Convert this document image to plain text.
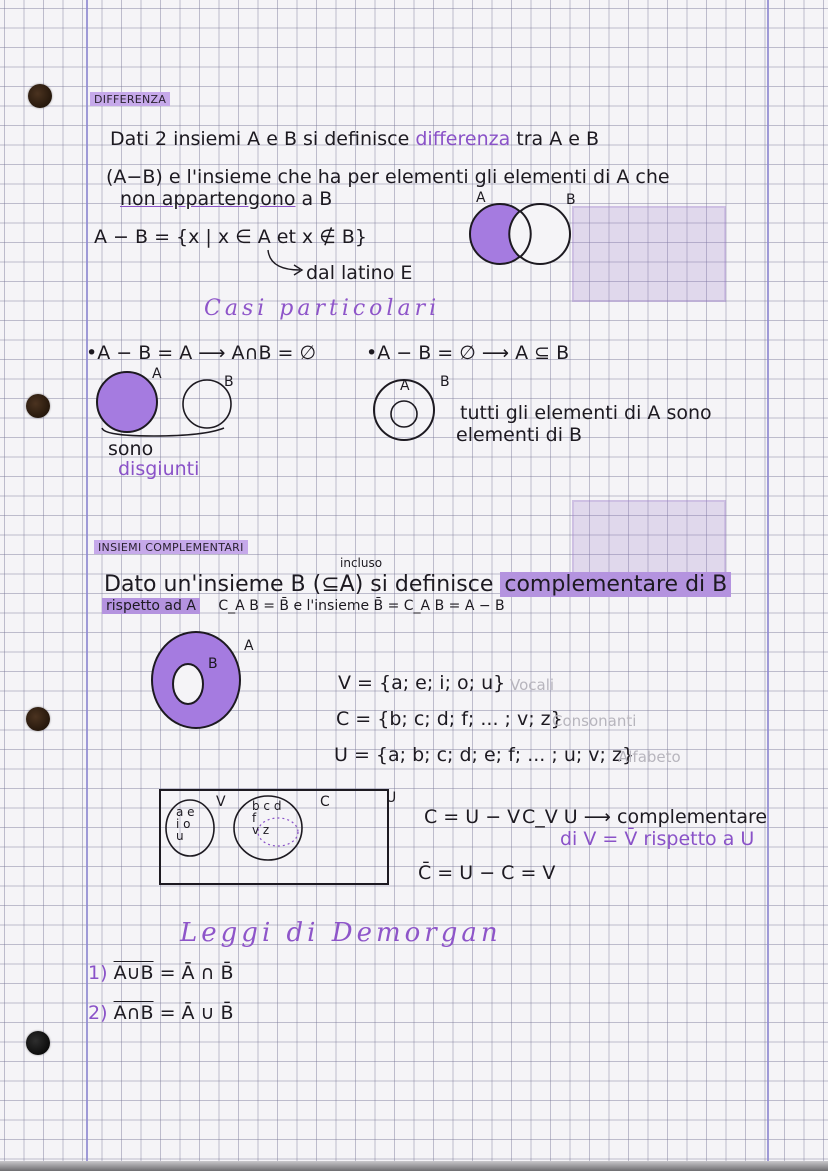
DIFFERENZA
Dati 2 insiemi A e B si definisce differenza tra A e B
(A−B) e l'insieme che ha per elementi gli elementi di A che
non appartengono a B
A − B = {x | x ∈ A et x ∉ B}
dal latino E
A	B
Casi particolari
•A − B = A ⟶ A∩B = ∅
A	B
sono
disgiunti
•A − B = ∅ ⟶ A ⊆ B
A B
tutti gli elementi di A sono
elementi di B
INSIEMI COMPLEMENTARI
incluso
Dato un'insieme B (⊆A) si definisce complementare di B
rispetto ad A C_A B = B̄ e l'insieme B̄ = C_A B = A − B
A
B
V = {a; e; i; o; u} Vocali
C = {b; c; d; f; ... ; v; z}
Consonanti
U = {a; b; c; d; e; f; ... ; u; v; z}
Alfabeto
a e
i o
u
b c d
f
v z
V	C	U
C = U − V C_V U ⟶ complementare
di V = V̄ rispetto a U
C̄ = U − C = V
Leggi di Demorgan
1) A∪B = Ā ∩ B̄
2) A∩B = Ā ∪ B̄
